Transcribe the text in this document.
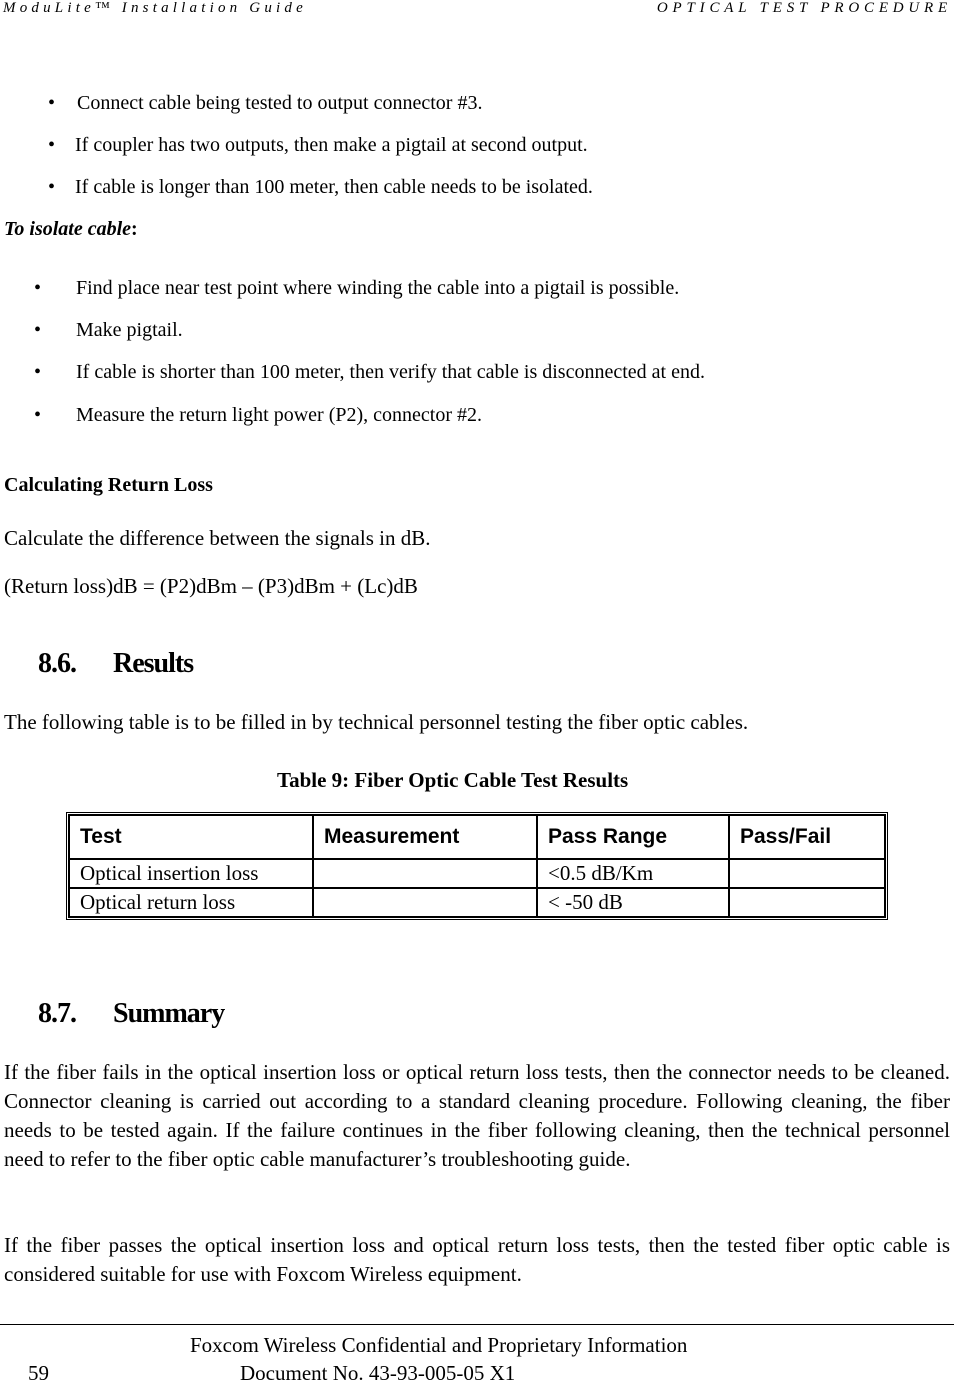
ModuLite™ Installation Guide	OPTICAL TEST PROCEDURE
• Connect cable being tested to output connector #3.
• If coupler has two outputs, then make a pigtail at second output.
• If cable is longer than 100 meter, then cable needs to be isolated.
To isolate cable:
• Find place near test point where winding the cable into a pigtail is possible.
• Make pigtail.
• If cable is shorter than 100 meter, then verify that cable is disconnected at end.
• Measure the return light power (P2), connector #2.
Calculating Return Loss
Calculate the difference between the signals in dB.
(Return loss)dB = (P2)dBm – (P3)dBm + (Lc)dB
8.6. Results
The following table is to be filled in by technical personnel testing the fiber optic cables.
Table 9: Fiber Optic Cable Test Results
Test	Measurement	Pass Range	Pass/Fail
Optical insertion loss		<0.5 dB/Km	
Optical return loss		< -50 dB	
8.7. Summary
If the fiber fails in the optical insertion loss or optical return loss tests, then the connector needs to be cleaned. Connector cleaning is carried out according to a standard cleaning procedure. Following cleaning, the fiber needs to be tested again. If the failure continues in the fiber following cleaning, then the technical personnel need to refer to the fiber optic cable manufacturer’s troubleshooting guide.
If the fiber passes the optical insertion loss and optical return loss tests, then the tested fiber optic cable is considered suitable for use with Foxcom Wireless equipment.
Foxcom Wireless Confidential and Proprietary Information
59	Document No. 43-93-005-05 X1
